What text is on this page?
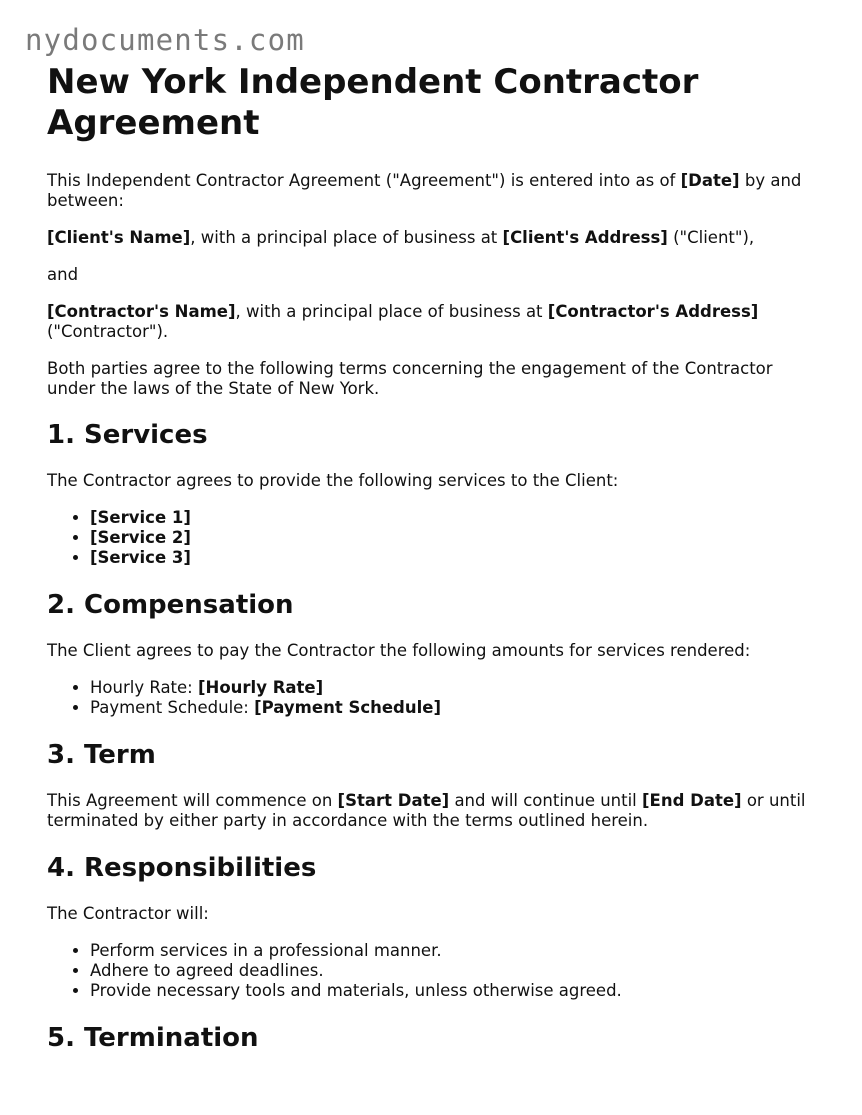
nydocuments.com
New York Independent Contractor Agreement

This Independent Contractor Agreement ("Agreement") is entered into as of [Date] by and between:

[Client's Name], with a principal place of business at [Client's Address] ("Client"),

and

[Contractor's Name], with a principal place of business at [Contractor's Address] ("Contractor").

Both parties agree to the following terms concerning the engagement of the Contractor under the laws of the State of New York.

1. Services

The Contractor agrees to provide the following services to the Client:

• [Service 1]
• [Service 2]
• [Service 3]
2. Compensation

The Client agrees to pay the Contractor the following amounts for services rendered:

• Hourly Rate: [Hourly Rate]
• Payment Schedule: [Payment Schedule]
3. Term

This Agreement will commence on [Start Date] and will continue until [End Date] or until terminated by either party in accordance with the terms outlined herein.

4. Responsibilities

The Contractor will:

• Perform services in a professional manner.
• Adhere to agreed deadlines.
• Provide necessary tools and materials, unless otherwise agreed.
5. Termination
